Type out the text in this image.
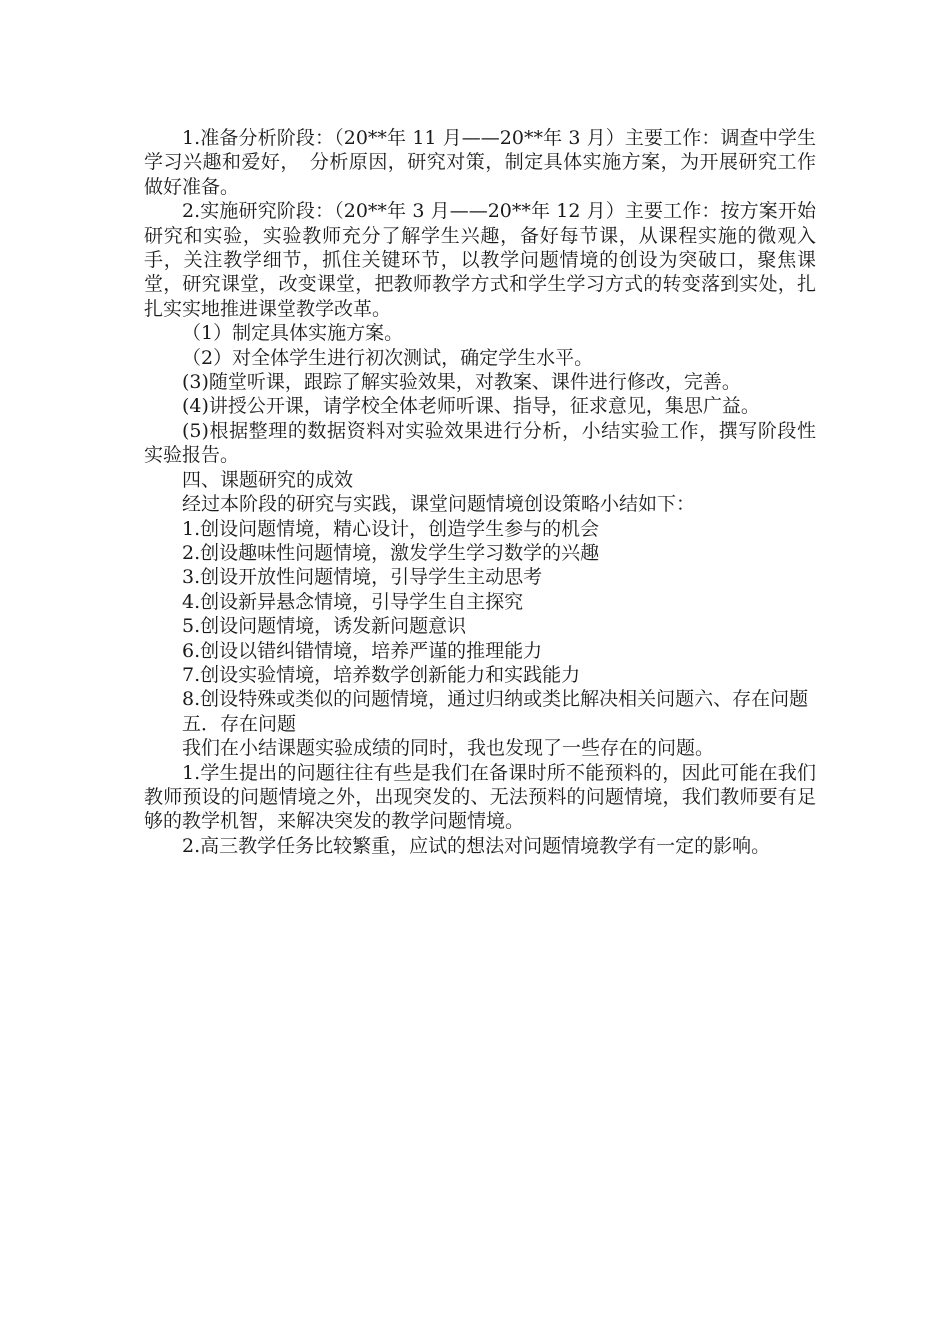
1.准备分析阶段：（20**年 11 月——20**年 3 月）主要工作：调查中学生学习兴趣和爱好，　分析原因，研究对策，制定具体实施方案，为开展研究工作做好准备。

2.实施研究阶段：（20**年 3 月——20**年 12 月）主要工作：按方案开始研究和实验，实验教师充分了解学生兴趣，备好每节课，从课程实施的微观入手，关注教学细节，抓住关键环节，以教学问题情境的创设为突破口，聚焦课堂，研究课堂，改变课堂，把教师教学方式和学生学习方式的转变落到实处，扎扎实实地推进课堂教学改革。

（1）制定具体实施方案。

（2）对全体学生进行初次测试，确定学生水平。

(3)随堂听课，跟踪了解实验效果，对教案、课件进行修改，完善。

(4)讲授公开课，请学校全体老师听课、指导，征求意见，集思广益。

(5)根据整理的数据资料对实验效果进行分析，小结实验工作，撰写阶段性实验报告。

四、课题研究的成效

经过本阶段的研究与实践，课堂问题情境创设策略小结如下：

1.创设问题情境，精心设计，创造学生参与的机会

2.创设趣味性问题情境，激发学生学习数学的兴趣

3.创设开放性问题情境，引导学生主动思考

4.创设新异悬念情境，引导学生自主探究

5.创设问题情境，诱发新问题意识

6.创设以错纠错情境，培养严谨的推理能力

7.创设实验情境，培养数学创新能力和实践能力

8.创设特殊或类似的问题情境，通过归纳或类比解决相关问题六、存在问题

五．存在问题

我们在小结课题实验成绩的同时，我也发现了一些存在的问题。

1.学生提出的问题往往有些是我们在备课时所不能预料的，因此可能在我们教师预设的问题情境之外，出现突发的、无法预料的问题情境，我们教师要有足够的教学机智，来解决突发的教学问题情境。

2.高三教学任务比较繁重，应试的想法对问题情境教学有一定的影响。
